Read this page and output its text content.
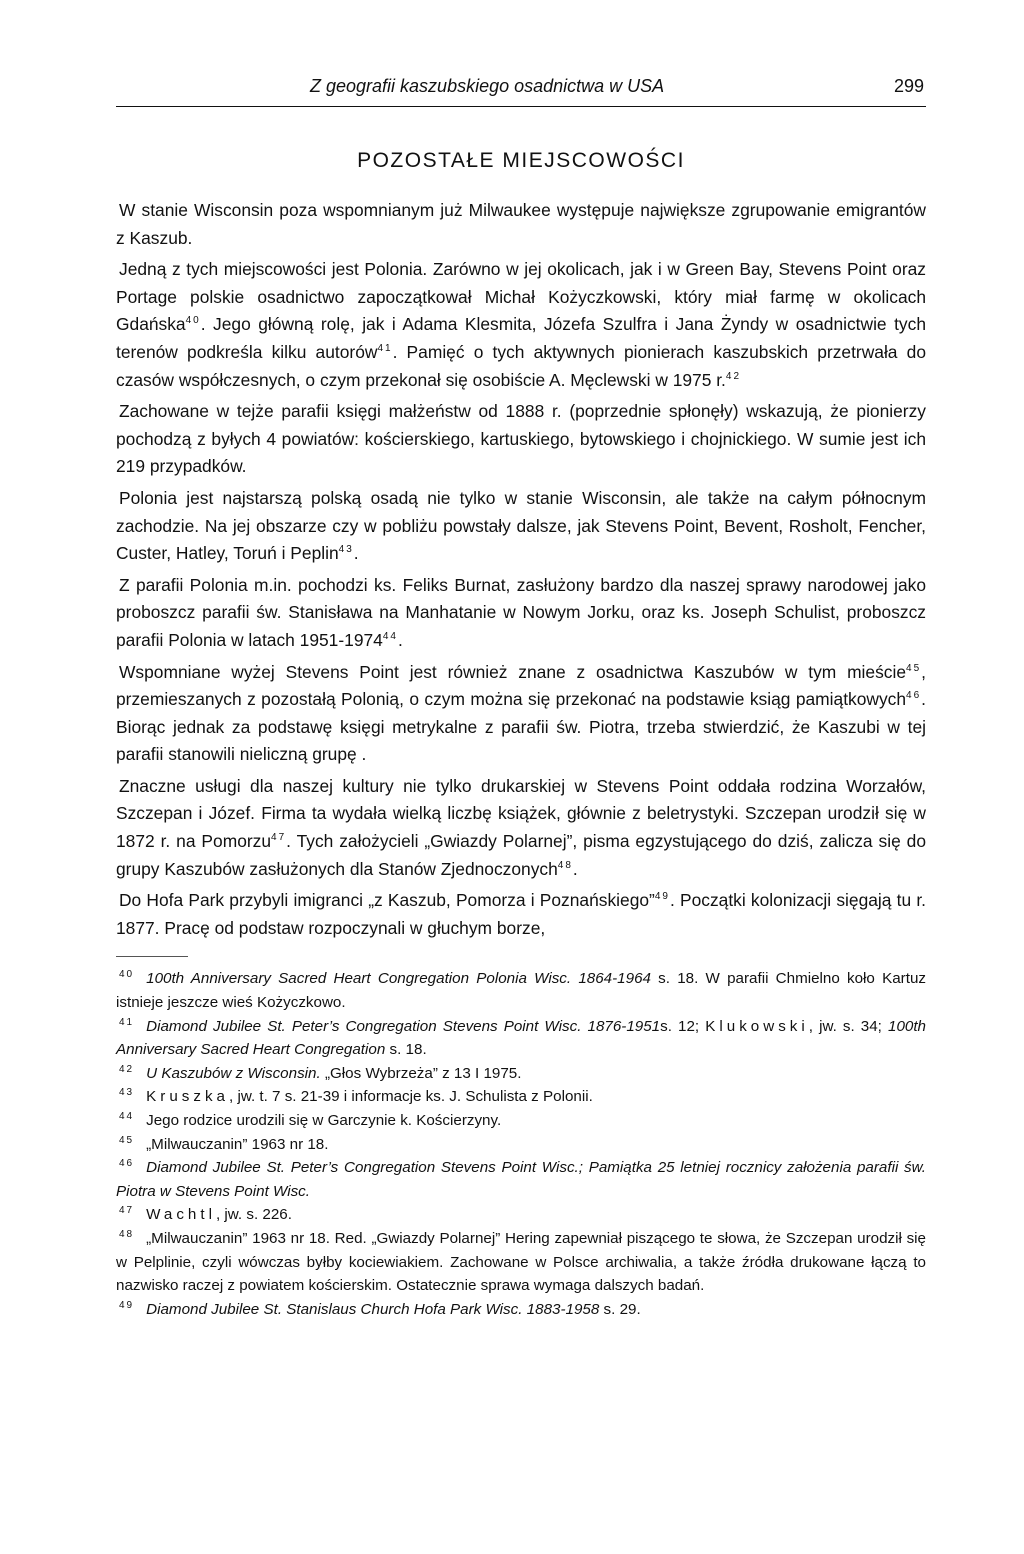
Z geografii kaszubskiego osadnictwa w USA	299
POZOSTAŁE MIEJSCOWOŚCI

W stanie Wisconsin poza wspomnianym już Milwaukee występuje największe zgrupowanie emigrantów z Kaszub.

Jedną z tych miejscowości jest Polonia. Zarówno w jej okolicach, jak i w Green Bay, Stevens Point oraz Portage polskie osadnictwo zapoczątkował Michał Kożyczkowski, który miał farmę w okolicach Gdańska$^{40}$. Jego główną rolę, jak i Adama Klesmita, Józefa Szulfra i Jana Żyndy w osadnictwie tych terenów podkreśla kilku autorów$^{41}$. Pamięć o tych aktywnych pionierach kaszubskich przetrwała do czasów współczesnych, o czym przekonał się osobiście A. Męclewski w 1975 r.$^{42}$

Zachowane w tejże parafii księgi małżeństw od 1888 r. (poprzednie spłonęły) wskazują, że pionierzy pochodzą z byłych 4 powiatów: kościerskiego, kartuskiego, bytowskiego i chojnickiego. W sumie jest ich 219 przypadków.

Polonia jest najstarszą polską osadą nie tylko w stanie Wisconsin, ale także na całym północnym zachodzie. Na jej obszarze czy w pobliżu powstały dalsze, jak Stevens Point, Bevent, Rosholt, Fencher, Custer, Hatley, Toruń i Peplin$^{43}$.

Z parafii Polonia m.in. pochodzi ks. Feliks Burnat, zasłużony bardzo dla naszej sprawy narodowej jako proboszcz parafii św. Stanisława na Manhatanie w Nowym Jorku, oraz ks. Joseph Schulist, proboszcz parafii Polonia w latach 1951-1974$^{44}$.

Wspomniane wyżej Stevens Point jest również znane z osadnictwa Kaszubów w tym mieście$^{45}$, przemieszanych z pozostałą Polonią, o czym można się przekonać na podstawie ksiąg pamiątkowych$^{46}$. Biorąc jednak za podstawę księgi metrykalne z parafii św. Piotra, trzeba stwierdzić, że Kaszubi w tej parafii stanowili nieliczną grupę .

Znaczne usługi dla naszej kultury nie tylko drukarskiej w Stevens Point oddała rodzina Worzałów, Szczepan i Józef. Firma ta wydała wielką liczbę książek, głównie z beletrystyki. Szczepan urodził się w 1872 r. na Pomorzu$^{47}$. Tych założycieli „Gwiazdy Polarnej”, pisma egzystującego do dziś, zalicza się do grupy Kaszubów zasłużonych dla Stanów Zjednoczonych$^{48}$.

Do Hofa Park przybyli imigranci „z Kaszub, Pomorza i Poznańskiego”$^{49}$. Początki kolonizacji sięgają tu r. 1877. Pracę od podstaw rozpoczynali w głuchym borze,

$^{40}$ 100th Anniversary Sacred Heart Congregation Polonia Wisc. 1864-1964 s. 18. W parafii Chmielno koło Kartuz istnieje jeszcze wieś Kożyczkowo.

$^{41}$ Diamond Jubilee St. Peter’s Congregation Stevens Point Wisc. 1876-1951s. 12; Klukowski, jw. s. 34; 100th Anniversary Sacred Heart Congregation s. 18.

$^{42}$ U Kaszubów z Wisconsin. „Głos Wybrzeża” z 13 I 1975.

$^{43}$ Kruszka, jw. t. 7 s. 21-39 i informacje ks. J. Schulista z Polonii.

$^{44}$ Jego rodzice urodzili się w Garczynie k. Kościerzyny.

$^{45}$ „Milwauczanin” 1963 nr 18.

$^{46}$ Diamond Jubilee St. Peter’s Congregation Stevens Point Wisc.; Pamiątka 25 letniej rocznicy założenia parafii św. Piotra w Stevens Point Wisc.

$^{47}$ Wachtl, jw. s. 226.

$^{48}$ „Milwauczanin” 1963 nr 18. Red. „Gwiazdy Polarnej” Hering zapewniał piszącego te słowa, że Szczepan urodził się w Pelplinie, czyli wówczas byłby kociewiakiem. Zachowane w Polsce archiwalia, a także źródła drukowane łączą to nazwisko raczej z powiatem kościerskim. Ostatecznie sprawa wymaga dalszych badań.

$^{49}$ Diamond Jubilee St. Stanislaus Church Hofa Park Wisc. 1883-1958 s. 29.
